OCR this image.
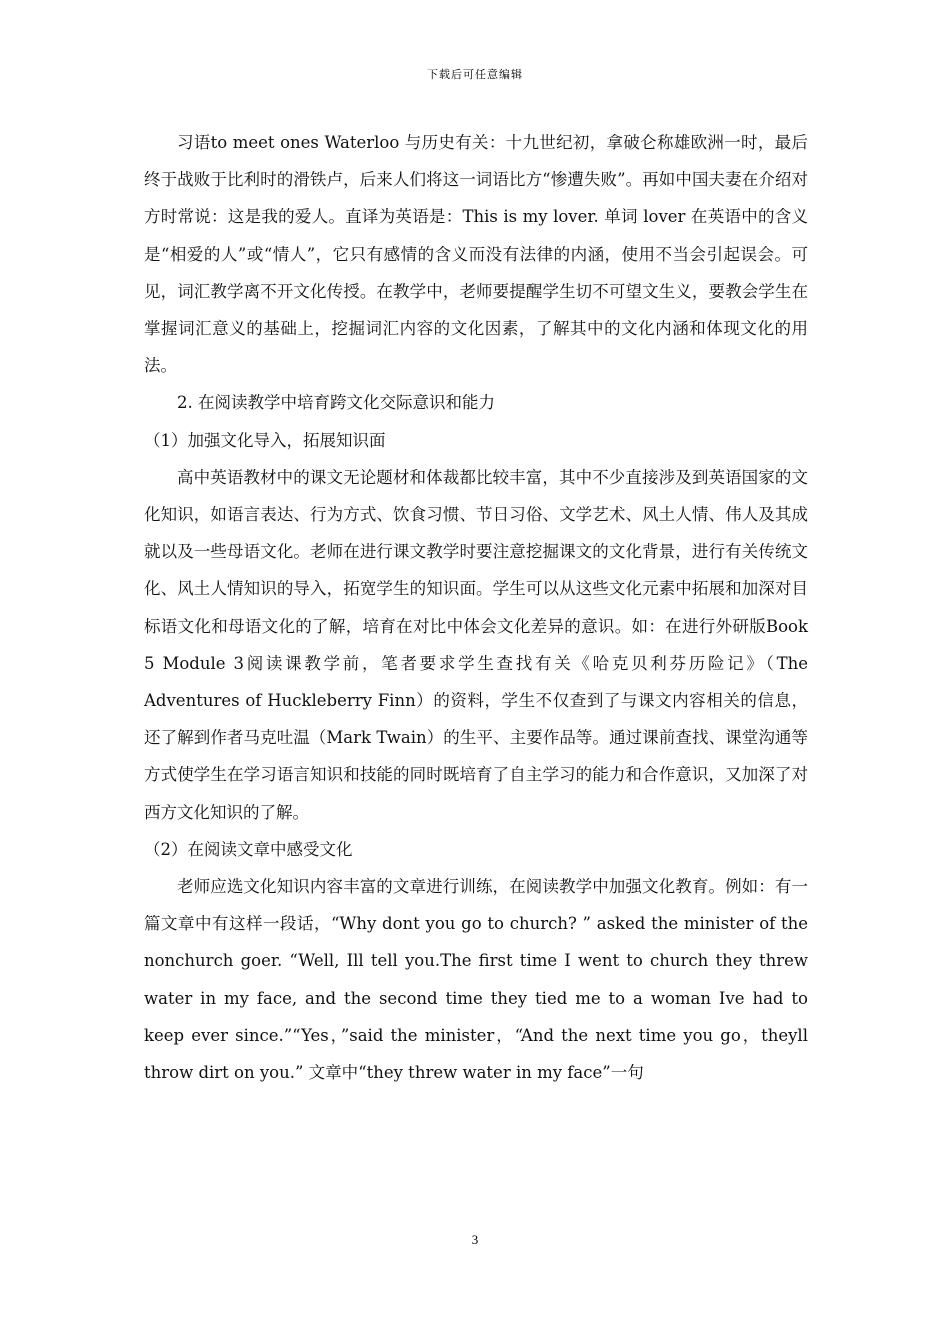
下载后可任意编辑

习语to meet ones Waterloo 与历史有关：十九世纪初，拿破仑称雄欧洲一时，最后终于战败于比利时的滑铁卢，后来人们将这一词语比方“惨遭失败”。再如中国夫妻在介绍对方时常说：这是我的爱人。直译为英语是：This is my lover. 单词 lover 在英语中的含义是“相爱的人”或“情人”，它只有感情的含义而没有法律的内涵，使用不当会引起误会。可见，词汇教学离不开文化传授。在教学中，老师要提醒学生切不可望文生义，要教会学生在掌握词汇意义的基础上，挖掘词汇内容的文化因素，了解其中的文化内涵和体现文化的用法。

2. 在阅读教学中培育跨文化交际意识和能力

（1）加强文化导入，拓展知识面

高中英语教材中的课文无论题材和体裁都比较丰富，其中不少直接涉及到英语国家的文化知识，如语言表达、行为方式、饮食习惯、节日习俗、文学艺术、风土人情、伟人及其成就以及一些母语文化。老师在进行课文教学时要注意挖掘课文的文化背景，进行有关传统文化、风土人情知识的导入，拓宽学生的知识面。学生可以从这些文化元素中拓展和加深对目标语文化和母语文化的了解，培育在对比中体会文化差异的意识。如：在进行外研版Book 5 Module 3阅读课教学前，笔者要求学生查找有关《哈克贝利芬历险记》（The Adventures of Huckleberry Finn）的资料，学生不仅查到了与课文内容相关的信息，还了解到作者马克吐温（Mark Twain）的生平、主要作品等。通过课前查找、课堂沟通等方式使学生在学习语言知识和技能的同时既培育了自主学习的能力和合作意识，又加深了对西方文化知识的了解。

（2）在阅读文章中感受文化

老师应选文化知识内容丰富的文章进行训练，在阅读教学中加强文化教育。例如：有一篇文章中有这样一段话，“Why dont you go to church? ” asked the minister of the nonchurch goer. “Well, Ill tell you.The first time I went to church they threw water in my face, and the second time they tied me to a woman Ive had to keep ever since.”“Yes，”said the minister，“And the next time you go，theyll throw dirt on you.” 文章中“they threw water in my face”一句

3
